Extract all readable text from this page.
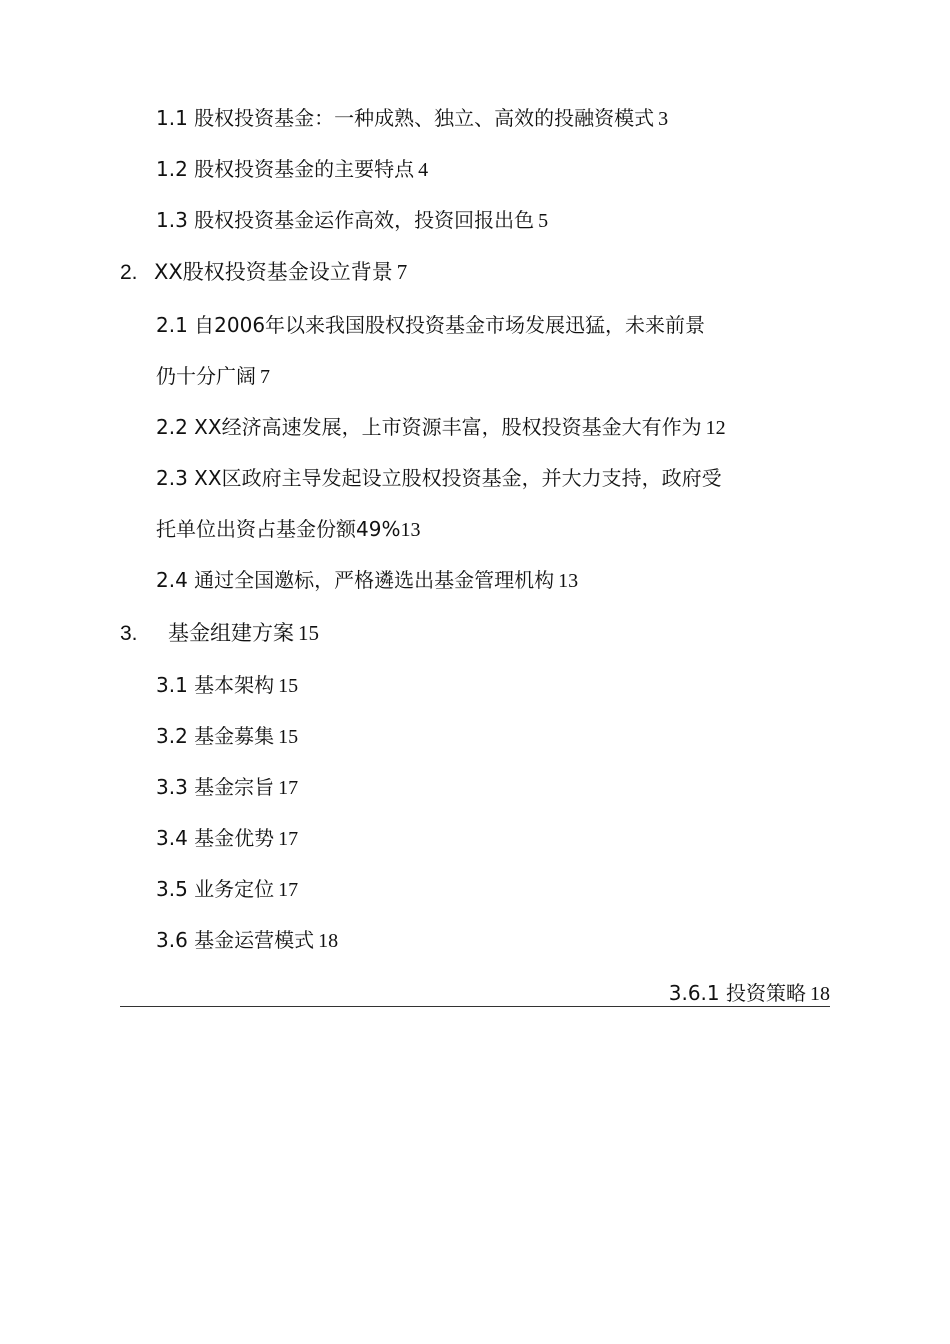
1.1 股权投资基金：一种成熟、独立、高效的投融资模式 3
1.2 股权投资基金的主要特点 4
1.3 股权投资基金运作高效，投资回报出色 5
2. XX股权投资基金设立背景 7
2.1 自2006年以来我国股权投资基金市场发展迅猛，未来前景
仍十分广阔 7
2.2 XX经济高速发展，上市资源丰富，股权投资基金大有作为 12
2.3 XX区政府主导发起设立股权投资基金，并大力支持，政府受
托单位出资占基金份额49%13
2.4 通过全国邀标，严格遴选出基金管理机构 13
3. 基金组建方案 15
3.1 基本架构 15
3.2 基金募集 15
3.3 基金宗旨 17
3.4 基金优势 17
3.5 业务定位 17
3.6 基金运营模式 18
3.6.1 投资策略 18
